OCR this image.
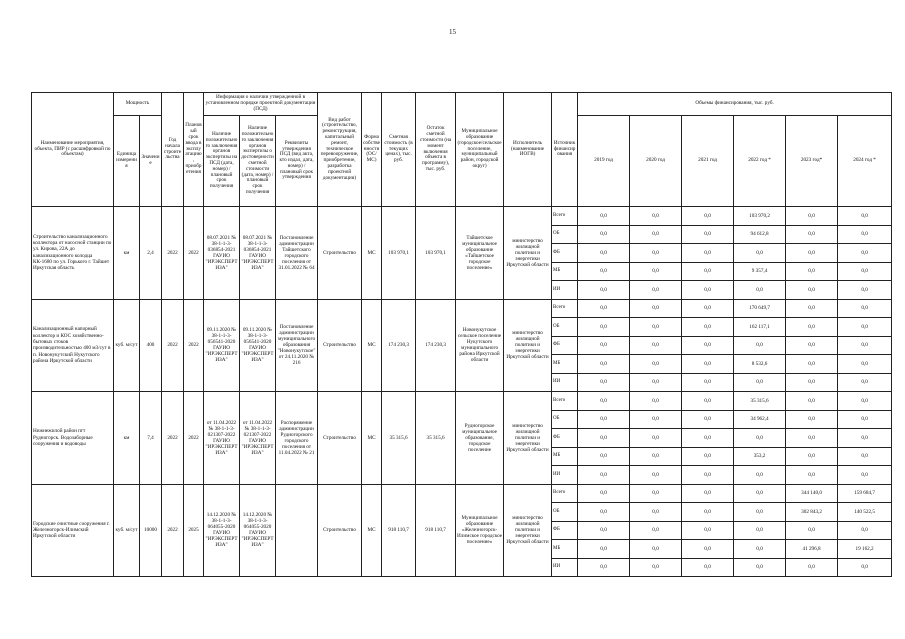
15
Наименование мероприятия, объекта, ПИР (с расшифровкой по объектам)	Мощность		Год начала строительства	Плановый срок ввода в эксплуатацию, приобретения	Информация о наличии утвержденной в установленном порядке проектной документации (ПСД)			Вид работ (строительство, реконструкция, капитальный ремонт, техническое перевооружение, приобретение, разработка проектной документации)	Форма собственности (ОС/МС)	Сметная стоимость (в текущих ценах), тыс. руб.	Остаток сметной стоимости (на момент включения объекта в программу), тыс. руб.	Муниципальное образование (городское/сельское поселение, муниципальный район, городской округ)	Исполнитель (наименование ИОГВ)	Источник финансирования	Объемы финансирования, тыс. руб.					
	Единица измерения	Значение			Наличие положительного заключения органов экспертизы на ПСД (дата, номер) / плановый срок получения	Наличие положительного заключения органов экспертизы о достоверности сметной стоимости (дата, номер) / плановый срок получения	Реквизиты утверждения ПСД (вид акта, кто издал, дата, номер) / плановый срок утверждения								2019 год	2020 год	2021 год	2022 год *	2023 год*	2024 год *
Строительство канализационного коллектора от насосной станции по ул. Кирова, 22А до канализационного колодца КК-1680 по ул. Горького г. Тайшет Иркутская область	км	2,4	2022	2022	08.07.2021 № 38-1-1-3-036854-2021 ГАУИО "ИРЭКСПЕРТИЗА"	08.07.2021 № 38-1-1-3-036854-2021 ГАУИО "ИРЭКСПЕРТИЗА"	Постановление администрации Тайшетского городского поселения от 31.01.2022 № 64	Строительство	МС	103 970,1	103 970,1	Тайшетское муниципальное образование «Тайшетское городское поселение»	министерство жилищной политики и энергетики Иркутской области	Всего	0,0	0,0	0,0	103 970,2	0,0	0,0
														ОБ	0,0	0,0	0,0	94 612,8	0,0	0,0
														ФБ	0,0	0,0	0,0	0,0	0,0	0,0
														МБ	0,0	0,0	0,0	9 357,4	0,0	0,0
														ИИ	0,0	0,0	0,0	0,0	0,0	0,0
Канализационный напорный коллектор и КОС хозяйственно-бытовых стоков производительностью 400 м3/сут в п. Новонукутский Нукутского района Иркутской области	куб. м/сут	400	2022	2022	09.11.2020 № 38-1-1-3-056541-2020 ГАУИО "ИРЭКСПЕРТИЗА"	09.11.2020 № 38-1-1-3-056541-2020 ГАУИО "ИРЭКСПЕРТИЗА"	Постановление администрации муниципального образования "Новонукутское" от 24.11.2020 № 216	Строительство	МС	174 230,3	174 230,3	Новонукутское сельское поселение Нукутского муниципального района Иркутской области	министерство жилищной политики и энергетики Иркутской области	Всего	0,0	0,0	0,0	170 649,7	0,0	0,0
														ОБ	0,0	0,0	0,0	162 117,1	0,0	0,0
														ФБ	0,0	0,0	0,0	0,0	0,0	0,0
														МБ	0,0	0,0	0,0	8 532,6	0,0	0,0
														ИИ	0,0	0,0	0,0	0,0	0,0	0,0
Нижнежилой район пгт Рудногорск. Водозаборные сооружения и водоводы	км	7,4	2022	2022	от 11.04.2022 № 38-1-1-3-021307-2022 ГАУИО "ИРЭКСПЕРТИЗА"	от 11.04.2022 № 38-1-1-3-021307-2022 ГАУИО "ИРЭКСПЕРТИЗА"	Распоряжение администрации Рудногорского городского поселения от 11.04.2022 № 21	Строительство	МС	35 315,6	35 315,6	Рудногорское муниципальное образование, городское поселение	министерство жилищной политики и энергетики Иркутской области	Всего	0,0	0,0	0,0	35 315,6	0,0	0,0
														ОБ	0,0	0,0	0,0	34 962,4	0,0	0,0
														ФБ	0,0	0,0	0,0	0,0	0,0	0,0
														МБ	0,0	0,0	0,0	353,2	0,0	0,0
														ИИ	0,0	0,0	0,0	0,0	0,0	0,0
Городские очистные сооружения г. Железногорск-Илимский Иркутской области	куб. м/сут	10000	2022	2025	14.12.2020 № 38-1-1-3-064055-2020 ГАУИО "ИРЭКСПЕРТИЗА"	14.12.2020 № 38-1-1-3-064055-2020 ГАУИО "ИРЭКСПЕРТИЗА"		Строительство	МС	918 110,7	918 110,7	Муниципальное образование «Железногорск-Илимское городское поселение»	министерство жилищной политики и энергетики Иркутской области	Всего	0,0	0,0	0,0	0,0	344 140,0	159 684,7
														ОБ	0,0	0,0	0,0	0,0	302 843,2	140 522,5
														ФБ	0,0	0,0	0,0	0,0	0,0	0,0
														МБ	0,0	0,0	0,0	0,0	41 296,8	19 162,2
														ИИ	0,0	0,0	0,0	0,0	0,0	0,0
